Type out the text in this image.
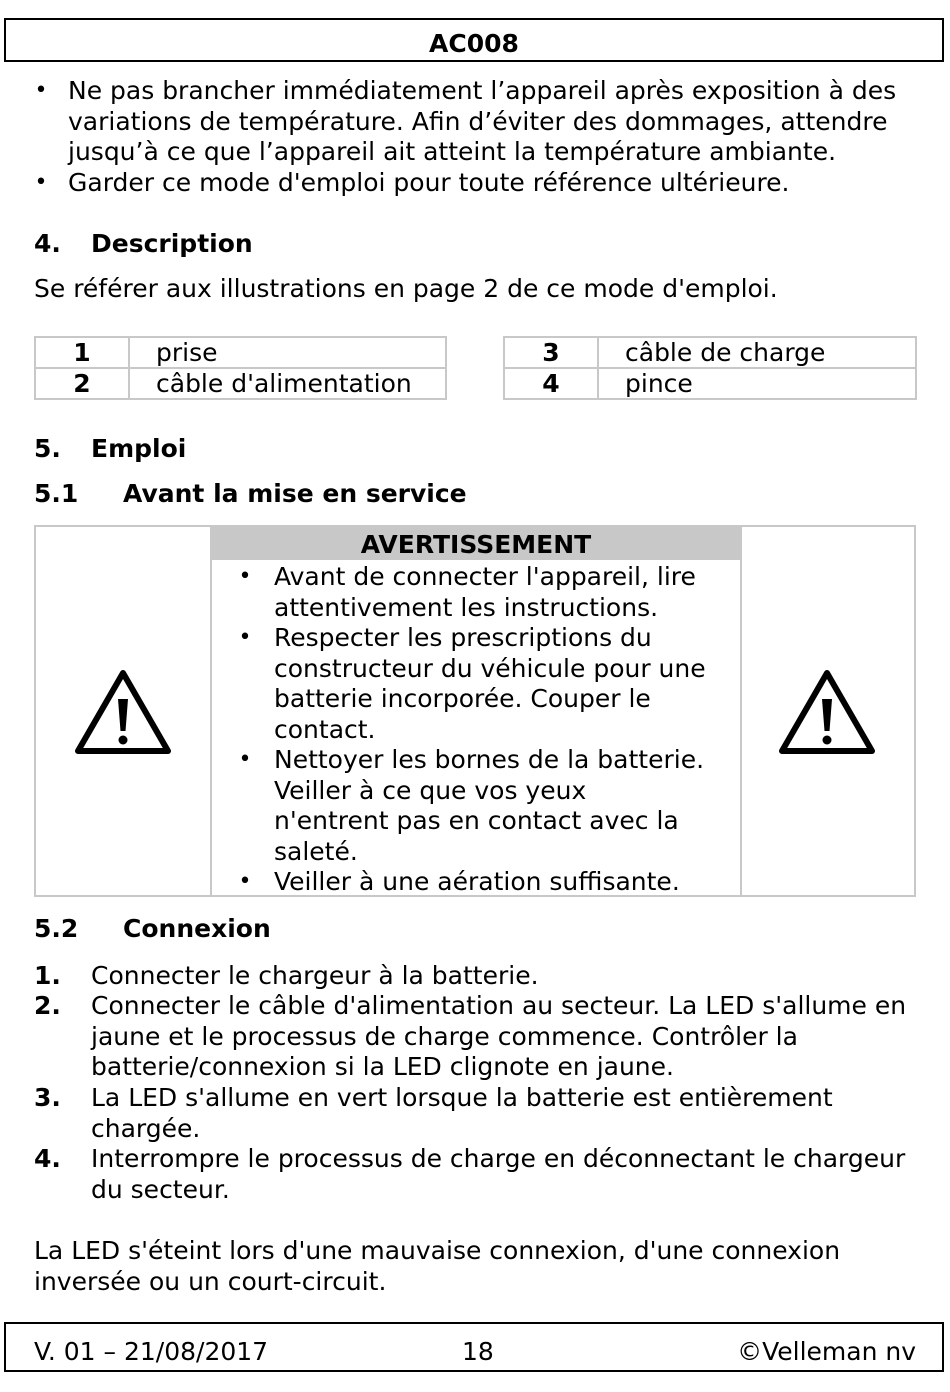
AC008
• Ne pas brancher immédiatement l’appareil après exposition à des
variations de température. Afin d’éviter des dommages, attendre
jusqu’à ce que l’appareil ait atteint la température ambiante.
• Garder ce mode d'emploi pour toute référence ultérieure.
4. Description
Se référer aux illustrations en page 2 de ce mode d'emploi.
1	prise
2	câble d'alimentation
3	câble de charge
4	pince
5. Emploi
5.1 Avant la mise en service
AVERTISSEMENT
• Avant de connecter l'appareil, lire
attentivement les instructions.
• Respecter les prescriptions du
constructeur du véhicule pour une
batterie incorporée. Couper le
contact.
• Nettoyer les bornes de la batterie.
Veiller à ce que vos yeux
n'entrent pas en contact avec la
saleté.
• Veiller à une aération suffisante.
5.2 Connexion
1. Connecter le chargeur à la batterie.
2. Connecter le câble d'alimentation au secteur. La LED s'allume en
jaune et le processus de charge commence. Contrôler la
batterie/connexion si la LED clignote en jaune.
3. La LED s'allume en vert lorsque la batterie est entièrement
chargée.
4. Interrompre le processus de charge en déconnectant le chargeur
du secteur.
La LED s'éteint lors d'une mauvaise connexion, d'une connexion
inversée ou un court-circuit.
V. 01 – 21/08/2017	18	©Velleman nv
